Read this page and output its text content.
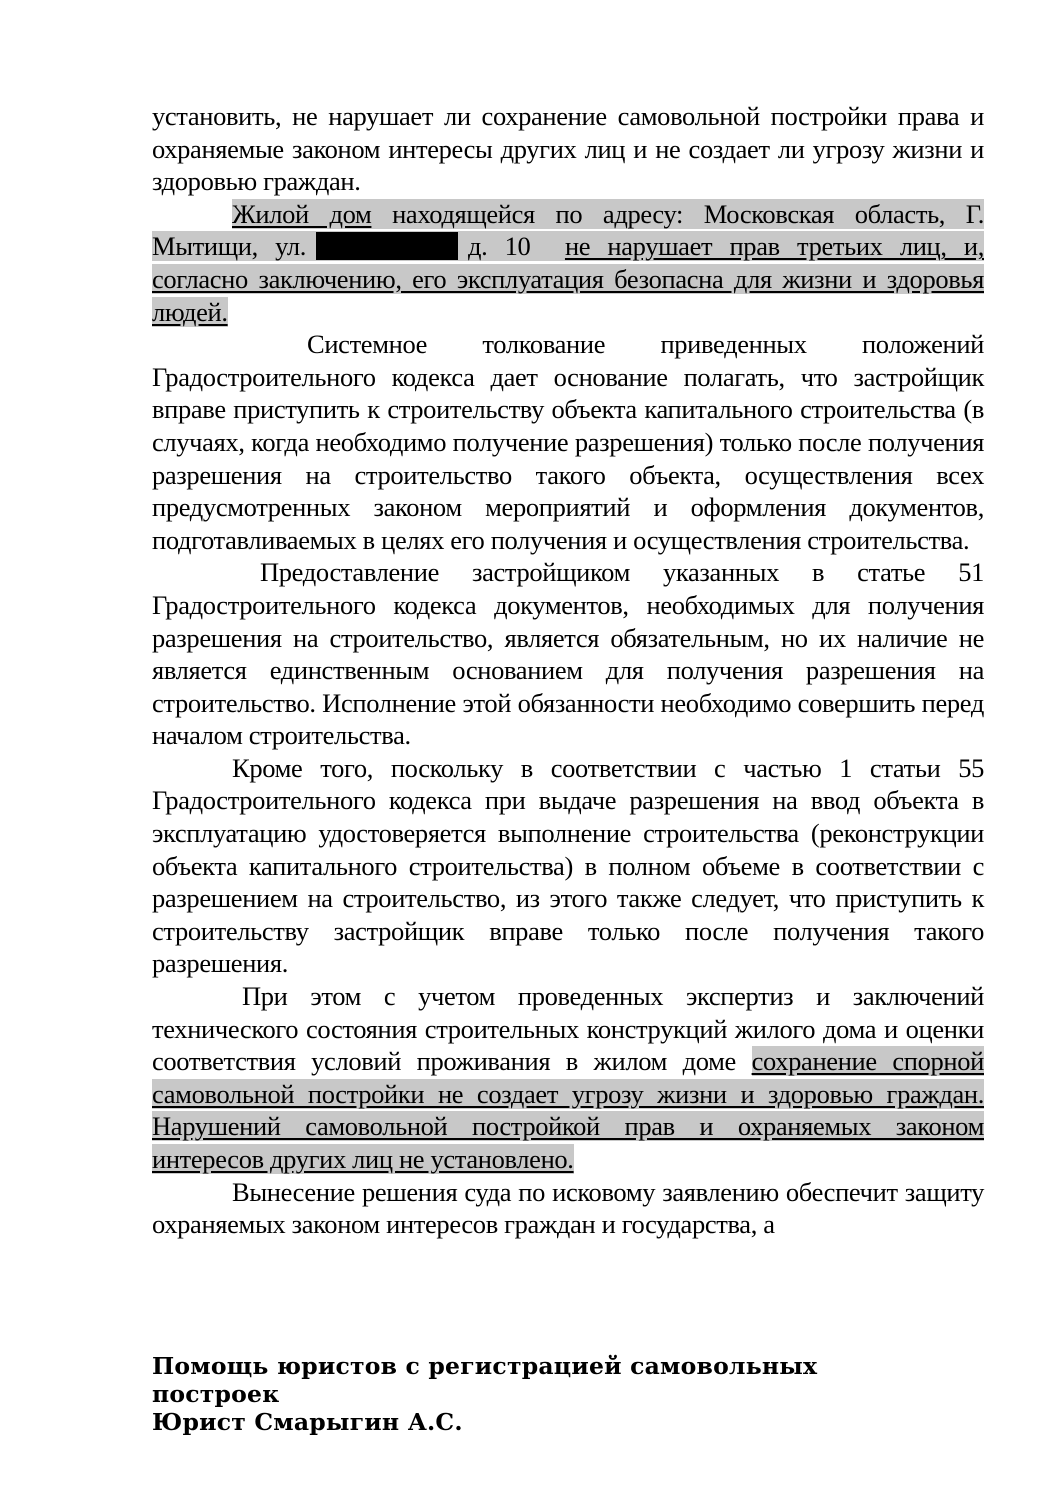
установить, не нарушает ли сохранение самовольной постройки права и охраняемые законом интересы других лиц и не создает ли угрозу жизни и здоровью граждан.

Жилой дом находящейся по адресу: Московская область, Г. Мытищи, ул.	д. 10 не нарушает прав третьих лиц, и, согласно заключению, его эксплуатация безопасна для жизни и здоровья людей.

Системное толкование приведенных положений Градостроительного кодекса дает основание полагать, что застройщик вправе приступить к строительству объекта капитального строительства (в случаях, когда необходимо получение разрешения) только после получения разрешения на строительство такого объекта, осуществления всех предусмотренных законом мероприятий и оформления документов, подготавливаемых в целях его получения и осуществления строительства.

Предоставление застройщиком указанных в статье 51 Градостроительного кодекса документов, необходимых для получения разрешения на строительство, является обязательным, но их наличие не является единственным основанием для получения разрешения на строительство. Исполнение этой обязанности необходимо совершить перед началом строительства.

Кроме того, поскольку в соответствии с частью 1 статьи 55 Градостроительного кодекса при выдаче разрешения на ввод объекта в эксплуатацию удостоверяется выполнение строительства (реконструкции объекта капитального строительства) в полном объеме в соответствии с разрешением на строительство, из этого также следует, что приступить к строительству застройщик вправе только после получения такого разрешения.

При этом с учетом проведенных экспертиз и заключений технического состояния строительных конструкций жилого дома и оценки соответствия условий проживания в жилом доме сохранение спорной самовольной постройки не создает угрозу жизни и здоровью граждан. Нарушений самовольной постройкой прав и охраняемых законом интересов других лиц не установлено.

Вынесение решения суда по исковому заявлению обеспечит защиту охраняемых законом интересов граждан и государства, а

Помощь юристов с регистрацией самовольных
построек
Юрист Смарыгин А.С.
